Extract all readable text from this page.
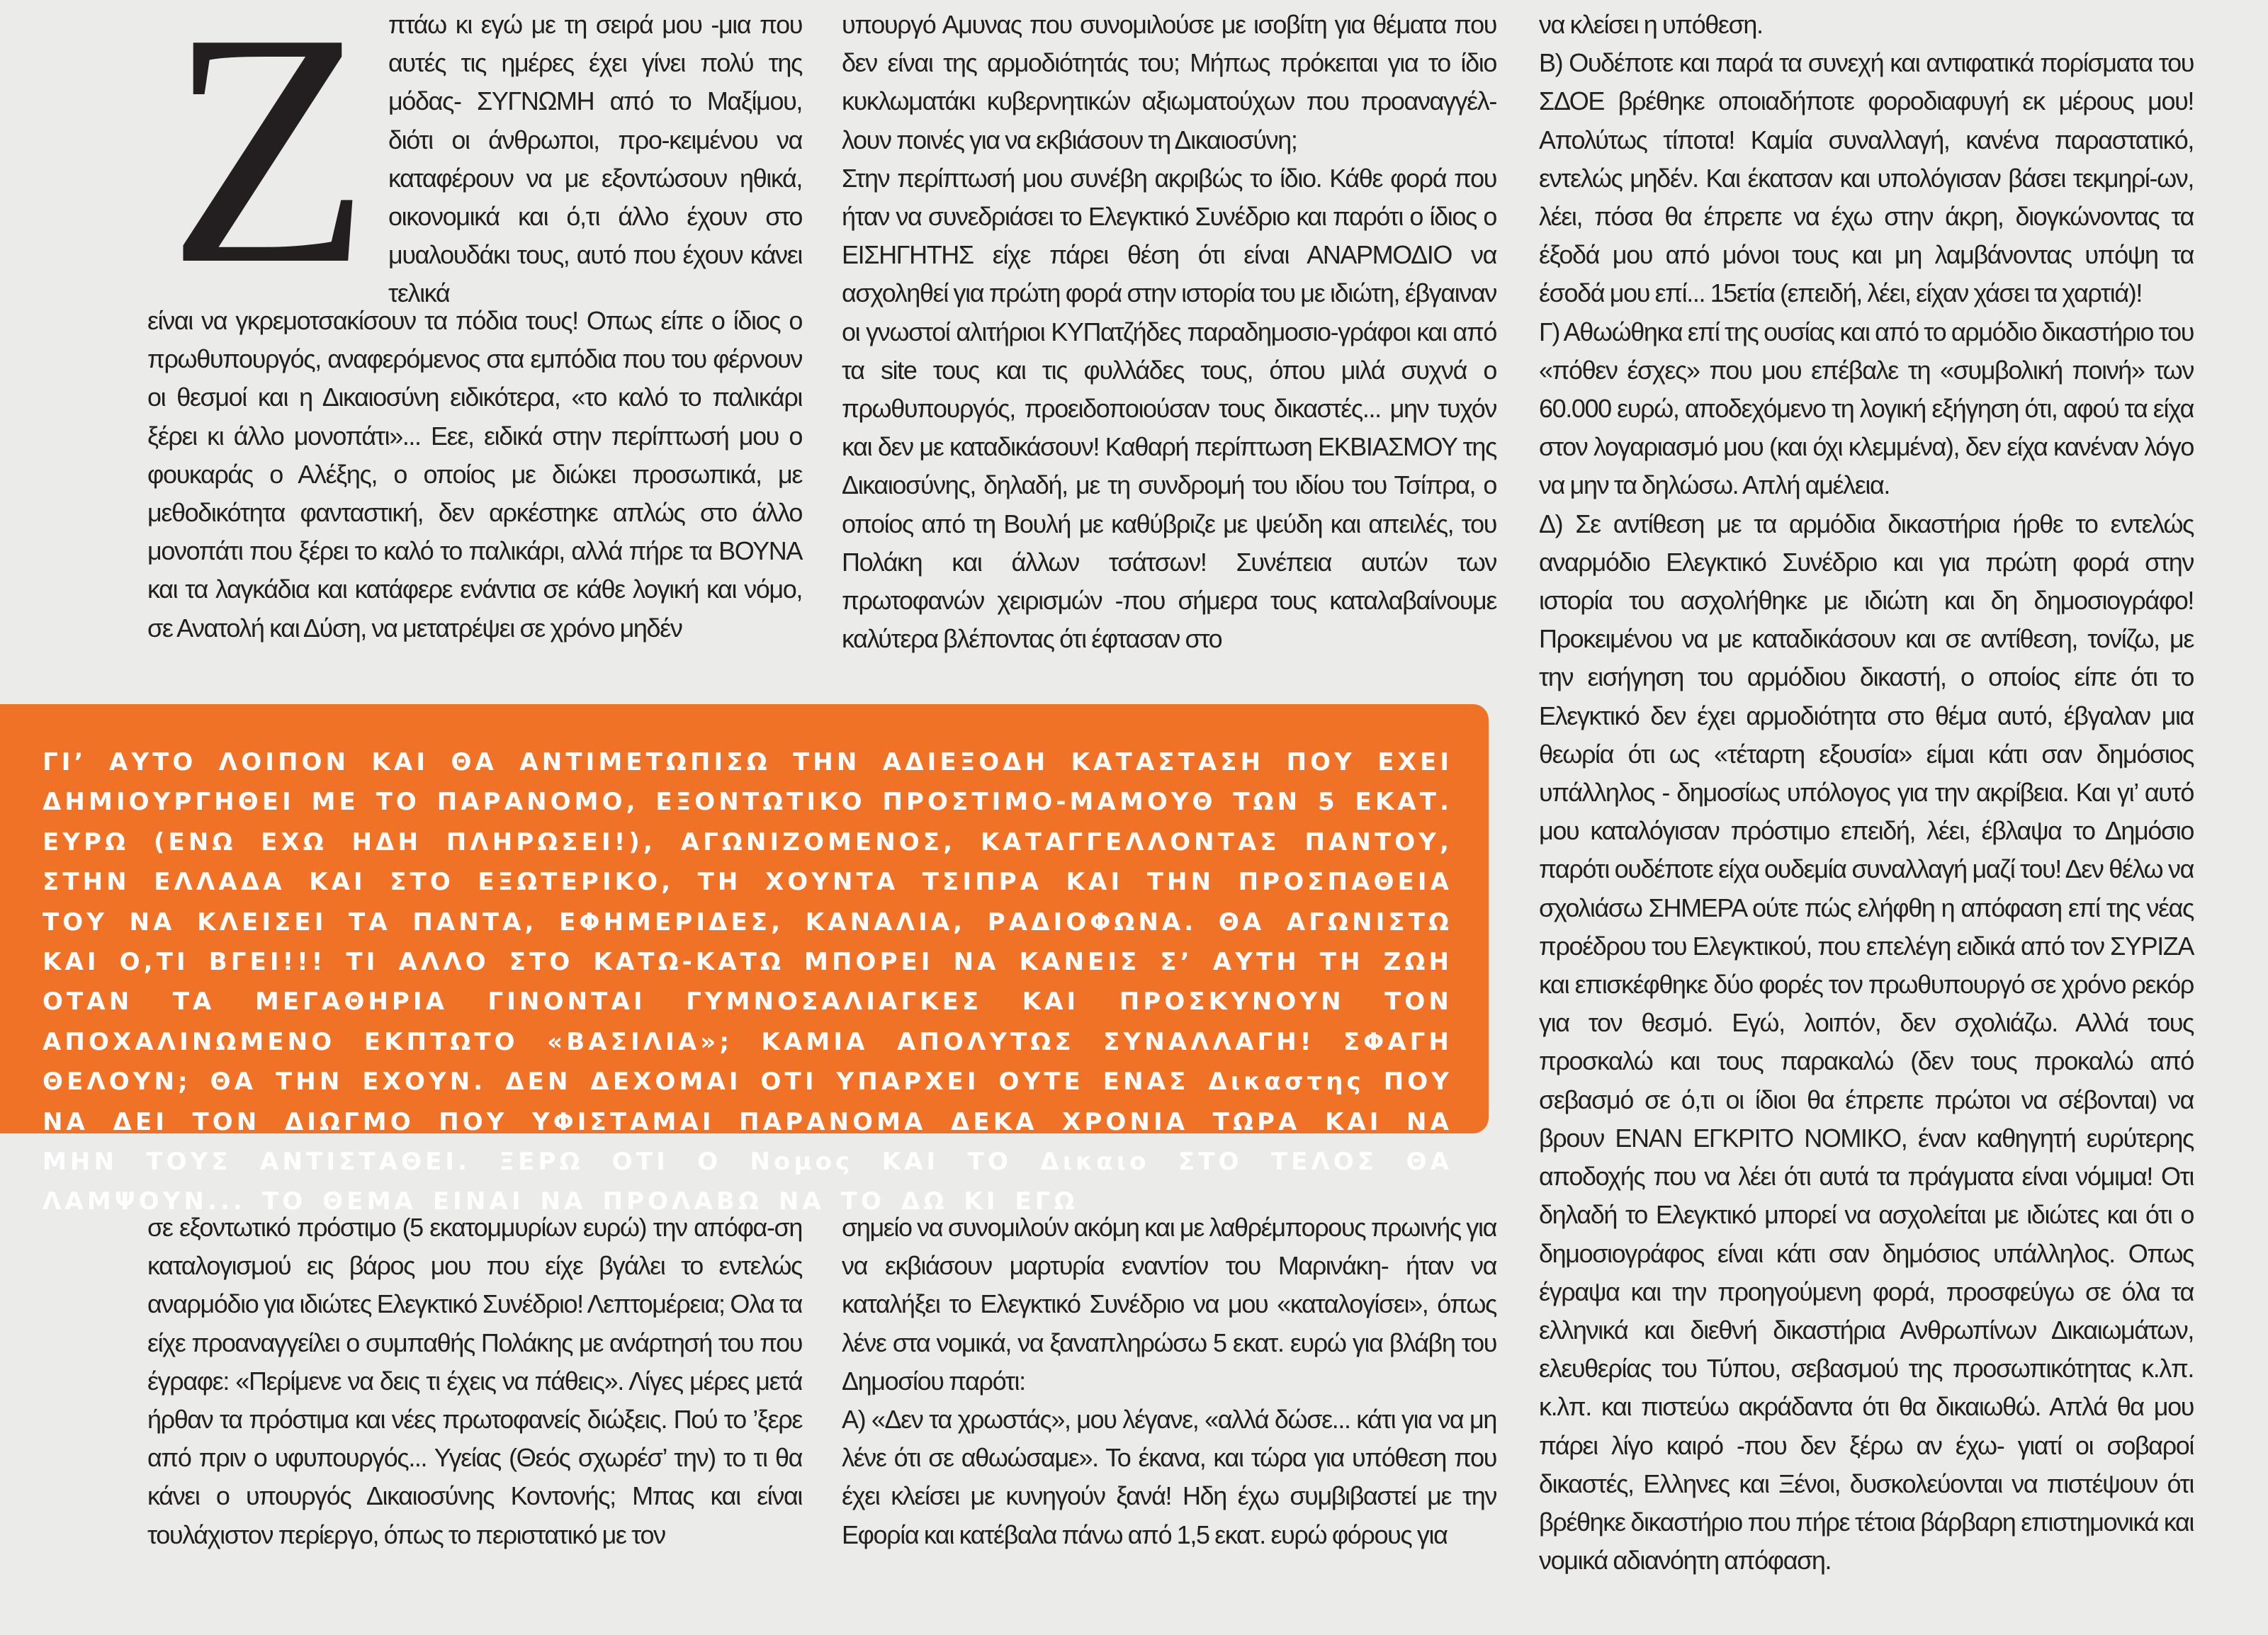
Ζ πτάω κι εγώ με τη σειρά μου -μια που αυτές τις ημέρες έχει γίνει πολύ της μόδας- ΣΥΓΝΩΜΗ από το Μαξίμου, διότι οι άνθρωποι, προ-κειμένου να καταφέρουν να με εξοντώσουν ηθικά, οικονομικά και ό,τι άλλο έχουν στο μυαλουδάκι τους, αυτό που έχουν κάνει τελικά

είναι να γκρεμοτσακίσουν τα πόδια τους! Οπως είπε ο ίδιος ο πρωθυπουργός, αναφερόμενος στα εμπόδια που του φέρνουν οι θεσμοί και η Δικαιοσύνη ειδικότερα, «το καλό το παλικάρι ξέρει κι άλλο μονοπάτι»... Εεε, ειδικά στην περίπτωσή μου ο φουκαράς ο Αλέξης, ο οποίος με διώκει προσωπικά, με μεθοδικότητα φανταστική, δεν αρκέστηκε απλώς στο άλλο μονοπάτι που ξέρει το καλό το παλικάρι, αλλά πήρε τα ΒΟΥΝΑ και τα λαγκάδια και κατάφερε ενάντια σε κάθε λογική και νόμο, σε Ανατολή και Δύση, να μετατρέψει σε χρόνο μηδέν

σε εξοντωτικό πρόστιμο (5 εκατομμυρίων ευρώ) την απόφα-ση καταλογισμού εις βάρος μου που είχε βγάλει το εντελώς αναρμόδιο για ιδιώτες Ελεγκτικό Συνέδριο! Λεπτομέρεια; Ολα τα είχε προαναγγείλει ο συμπαθής Πολάκης με ανάρτησή του που έγραφε: «Περίμενε να δεις τι έχεις να πάθεις». Λίγες μέρες μετά ήρθαν τα πρόστιμα και νέες πρωτοφανείς διώξεις. Πού το ’ξερε από πριν ο υφυπουργός... Υγείας (Θεός σχωρέσ’ την) το τι θα κάνει ο υπουργός Δικαιοσύνης Κοντονής; Μπας και είναι τουλάχιστον περίεργο, όπως το περιστατικό με τον

υπουργό Αμυνας που συνομιλούσε με ισοβίτη για θέματα που δεν είναι της αρμοδιότητάς του; Μήπως πρόκειται για το ίδιο κυκλωματάκι κυβερνητικών αξιωματούχων που προαναγγέλ-λουν ποινές για να εκβιάσουν τη Δικαιοσύνη;

Στην περίπτωσή μου συνέβη ακριβώς το ίδιο. Κάθε φορά που ήταν να συνεδριάσει το Ελεγκτικό Συνέδριο και παρότι ο ίδιος ο ΕΙΣΗΓΗΤΗΣ είχε πάρει θέση ότι είναι ΑΝΑΡΜΟΔΙΟ να ασχοληθεί για πρώτη φορά στην ιστορία του με ιδιώτη, έβγαιναν οι γνωστοί αλιτήριοι ΚΥΠατζήδες παραδημοσιο-γράφοι και από τα site τους και τις φυλλάδες τους, όπου μιλά συχνά ο πρωθυπουργός, προειδοποιούσαν τους δικαστές... μην τυχόν και δεν με καταδικάσουν! Καθαρή περίπτωση ΕΚΒΙΑΣΜΟΥ της Δικαιοσύνης, δηλαδή, με τη συνδρομή του ιδίου του Τσίπρα, ο οποίος από τη Βουλή με καθύβριζε με ψεύδη και απειλές, του Πολάκη και άλλων τσάτσων! Συνέπεια αυτών των πρωτοφανών χειρισμών -που σήμερα τους καταλαβαίνουμε καλύτερα βλέποντας ότι έφτασαν στο

σημείο να συνομιλούν ακόμη και με λαθρέμπορους πρωινής για να εκβιάσουν μαρτυρία εναντίον του Μαρινάκη- ήταν να καταλήξει το Ελεγκτικό Συνέδριο να μου «καταλογίσει», όπως λένε στα νομικά, να ξαναπληρώσω 5 εκατ. ευρώ για βλάβη του Δημοσίου παρότι:

Α) «Δεν τα χρωστάς», μου λέγανε, «αλλά δώσε... κάτι για να μη λένε ότι σε αθωώσαμε». Το έκανα, και τώρα για υπόθεση που έχει κλείσει με κυνηγούν ξανά! Ηδη έχω συμβιβαστεί με την Εφορία και κατέβαλα πάνω από 1,5 εκατ. ευρώ φόρους για

να κλείσει η υπόθεση.

Β) Ουδέποτε και παρά τα συνεχή και αντιφατικά πορίσματα του ΣΔΟΕ βρέθηκε οποιαδήποτε φοροδιαφυγή εκ μέρους μου! Απολύτως τίποτα! Καμία συναλλαγή, κανένα παραστατικό, εντελώς μηδέν. Και έκατσαν και υπολόγισαν βάσει τεκμηρί-ων, λέει, πόσα θα έπρεπε να έχω στην άκρη, διογκώνοντας τα έξοδά μου από μόνοι τους και μη λαμβάνοντας υπόψη τα έσοδά μου επί... 15ετία (επειδή, λέει, είχαν χάσει τα χαρτιά)!

Γ) Αθωώθηκα επί της ουσίας και από το αρμόδιο δικαστήριο του «πόθεν έσχες» που μου επέβαλε τη «συμβολική ποινή» των 60.000 ευρώ, αποδεχόμενο τη λογική εξήγηση ότι, αφού τα είχα στον λογαριασμό μου (και όχι κλεμμένα), δεν είχα κανέναν λόγο να μην τα δηλώσω. Απλή αμέλεια.

Δ) Σε αντίθεση με τα αρμόδια δικαστήρια ήρθε το εντελώς αναρμόδιο Ελεγκτικό Συνέδριο και για πρώτη φορά στην ιστορία του ασχολήθηκε με ιδιώτη και δη δημοσιογράφο! Προκειμένου να με καταδικάσουν και σε αντίθεση, τονίζω, με την εισήγηση του αρμόδιου δικαστή, ο οποίος είπε ότι το Ελεγκτικό δεν έχει αρμοδιότητα στο θέμα αυτό, έβγαλαν μια θεωρία ότι ως «τέταρτη εξουσία» είμαι κάτι σαν δημόσιος υπάλληλος - δημοσίως υπόλογος για την ακρίβεια. Και γι’ αυτό μου καταλόγισαν πρόστιμο επειδή, λέει, έβλαψα το Δημόσιο παρότι ουδέποτε είχα ουδεμία συναλλαγή μαζί του! Δεν θέλω να σχολιάσω ΣΗΜΕΡΑ ούτε πώς ελήφθη η απόφαση επί της νέας προέδρου του Ελεγκτικού, που επελέγη ειδικά από τον ΣΥΡΙΖΑ και επισκέφθηκε δύο φορές τον πρωθυπουργό σε χρόνο ρεκόρ για τον θεσμό. Εγώ, λοιπόν, δεν σχολιάζω. Αλλά τους προσκαλώ και τους παρακαλώ (δεν τους προκαλώ από σεβασμό σε ό,τι οι ίδιοι θα έπρεπε πρώτοι να σέβονται) να βρουν ΕΝΑΝ ΕΓΚΡΙΤΟ ΝΟΜΙΚΟ, έναν καθηγητή ευρύτερης αποδοχής που να λέει ότι αυτά τα πράγματα είναι νόμιμα! Οτι δηλαδή το Ελεγκτικό μπορεί να ασχολείται με ιδιώτες και ότι ο δημοσιογράφος είναι κάτι σαν δημόσιος υπάλληλος. Οπως έγραψα και την προηγούμενη φορά, προσφεύγω σε όλα τα ελληνικά και διεθνή δικαστήρια Ανθρωπίνων Δικαιωμάτων, ελευθερίας του Τύπου, σεβασμού της προσωπικότητας κ.λπ. κ.λπ. και πιστεύω ακράδαντα ότι θα δικαιωθώ. Απλά θα μου πάρει λίγο καιρό -που δεν ξέρω αν έχω- γιατί οι σοβαροί δικαστές, Ελληνες και Ξένοι, δυσκολεύονται να πιστέψουν ότι βρέθηκε δικαστήριο που πήρε τέτοια βάρβαρη επιστημονικά και νομικά αδιανόητη απόφαση.

ΓΙ’ ΑΥΤΟ ΛΟΙΠΟΝ ΚΑΙ ΘΑ ΑΝΤΙΜΕΤΩΠΙΣΩ ΤΗΝ ΑΔΙΕΞΟΔΗ ΚΑΤΑΣΤΑΣΗ ΠΟΥ ΕΧΕΙ ΔΗΜΙΟΥΡΓΗΘΕΙ ΜΕ ΤΟ ΠΑΡΑΝΟΜΟ, ΕΞΟΝΤΩΤΙΚΟ ΠΡΟΣΤΙΜΟ-ΜΑΜΟΥΘ ΤΩΝ 5 ΕΚΑΤ. ΕΥΡΩ (ΕΝΩ ΕΧΩ ΗΔΗ ΠΛΗΡΩΣΕΙ!), ΑΓΩΝΙΖΟΜΕΝΟΣ, ΚΑΤΑΓΓΕΛΛΟΝΤΑΣ ΠΑΝΤΟΥ, ΣΤΗΝ ΕΛΛΑΔΑ ΚΑΙ ΣΤΟ ΕΞΩΤΕΡΙΚΟ, ΤΗ ΧΟΥΝΤΑ ΤΣΙΠΡΑ ΚΑΙ ΤΗΝ ΠΡΟΣΠΑΘΕΙΑ ΤΟΥ ΝΑ ΚΛΕΙΣΕΙ ΤΑ ΠΑΝΤΑ, ΕΦΗΜΕΡΙΔΕΣ, ΚΑΝΑΛΙΑ, ΡΑΔΙΟΦΩΝΑ. ΘΑ ΑΓΩΝΙΣΤΩ ΚΑΙ Ο,ΤΙ ΒΓΕΙ!!! ΤΙ ΑΛΛΟ ΣΤΟ ΚΑΤΩ-ΚΑΤΩ ΜΠΟΡΕΙ ΝΑ ΚΑΝΕΙΣ Σ’ ΑΥΤΗ ΤΗ ΖΩΗ ΟΤΑΝ ΤΑ ΜΕΓΑΘΗΡΙΑ ΓΙΝΟΝΤΑΙ ΓΥΜΝΟΣΑΛΙΑΓΚΕΣ ΚΑΙ ΠΡΟΣΚΥΝΟΥΝ ΤΟΝ ΑΠΟΧΑΛΙΝΩΜΕΝΟ ΕΚΠΤΩΤΟ «ΒΑΣΙΛΙΑ»; ΚΑΜΙΑ ΑΠΟΛΥΤΩΣ ΣΥΝΑΛΛΑΓΗ! ΣΦΑΓΗ ΘΕΛΟΥΝ; ΘΑ ΤΗΝ ΕΧΟΥΝ. ΔΕΝ ΔΕΧΟΜΑΙ ΟΤΙ ΥΠΑΡΧΕΙ ΟΥΤΕ ΕΝΑΣ Δικαστης ΠΟΥ ΝΑ ΔΕΙ ΤΟΝ ΔΙΩΓΜΟ ΠΟΥ ΥΦΙΣΤΑΜΑΙ ΠΑΡΑΝΟΜΑ ΔΕΚΑ ΧΡΟΝΙΑ ΤΩΡΑ ΚΑΙ ΝΑ ΜΗΝ ΤΟΥΣ ΑΝΤΙΣΤΑΘΕΙ. ΞΕΡΩ ΟΤΙ Ο Νομος ΚΑΙ ΤΟ Δικαιο ΣΤΟ ΤΕΛΟΣ ΘΑ ΛΑΜΨΟΥΝ... ΤΟ ΘΕΜΑ ΕΙΝΑΙ ΝΑ ΠΡΟΛΑΒΩ ΝΑ ΤΟ ΔΩ ΚΙ ΕΓΩ
